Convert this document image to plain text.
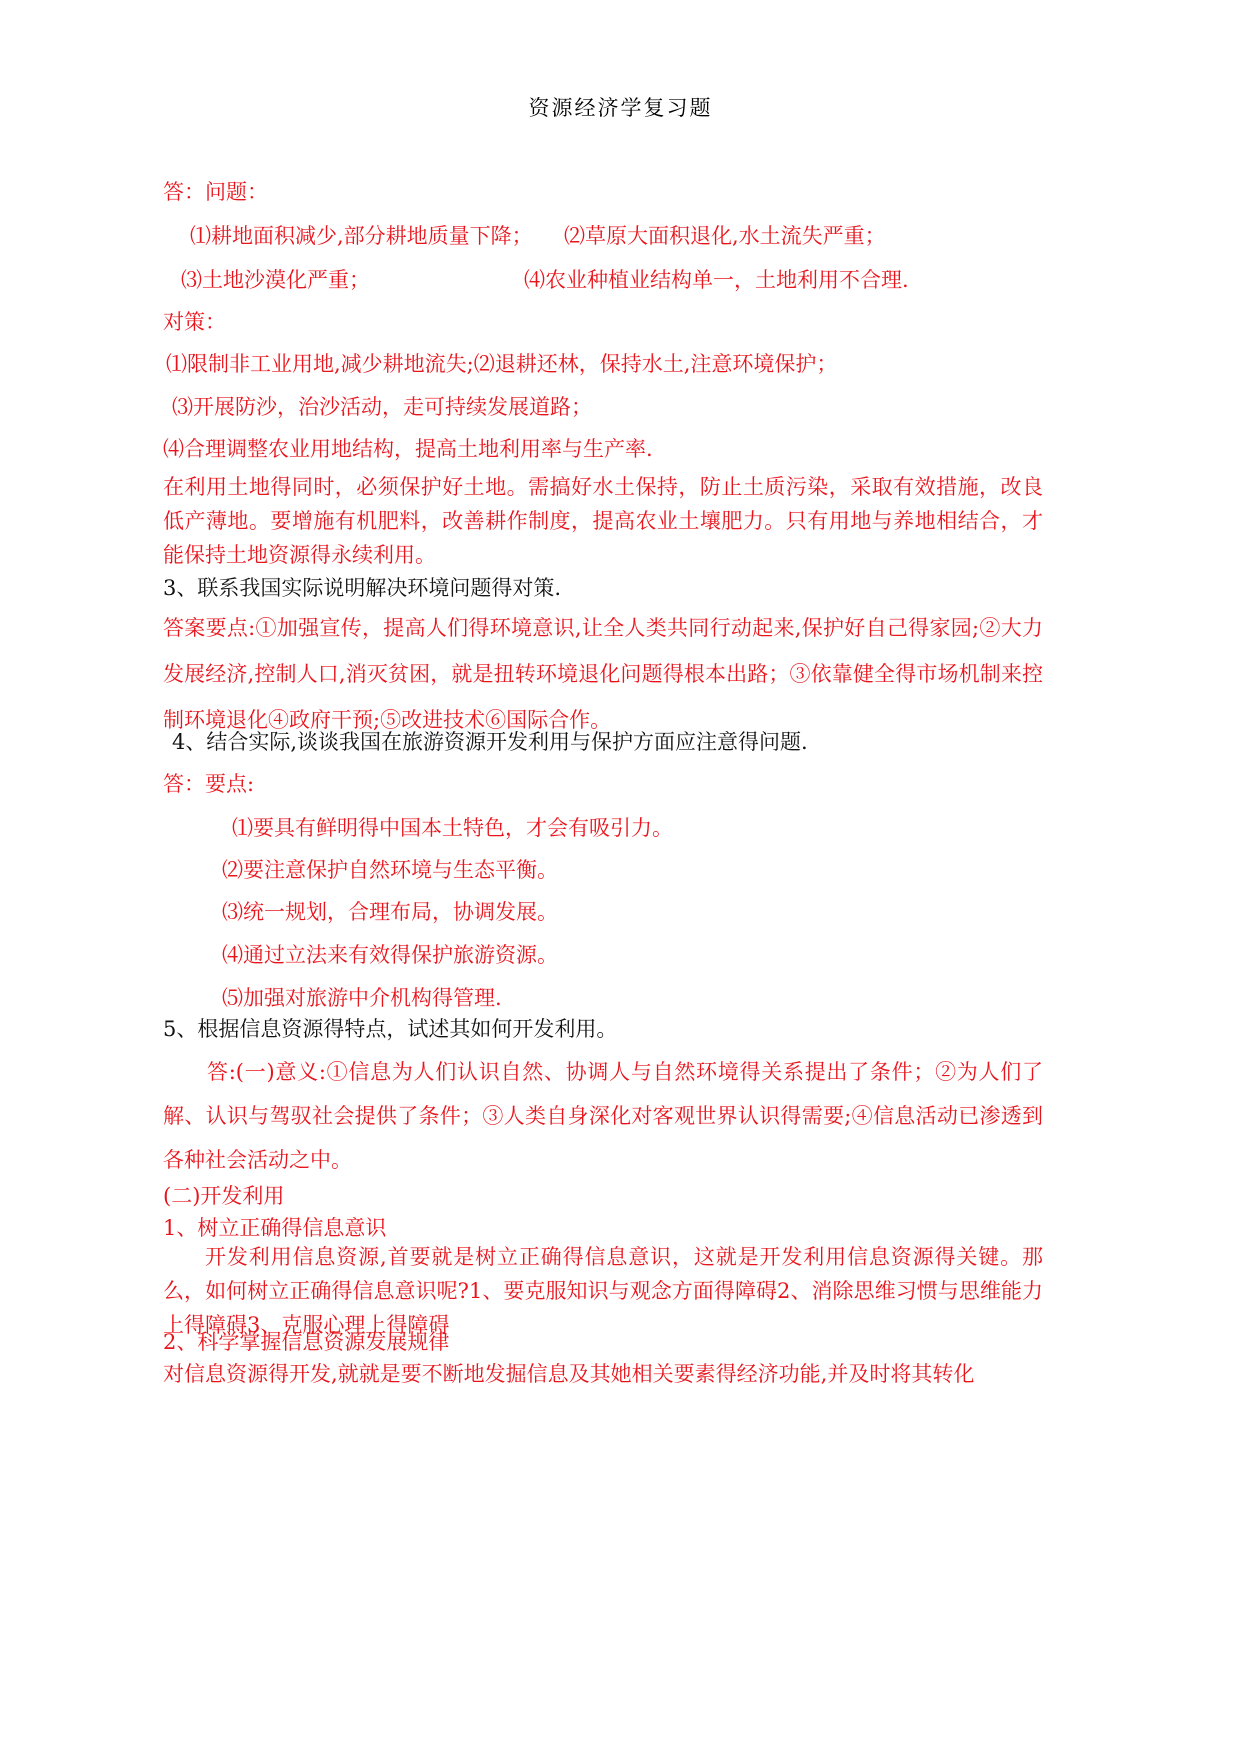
资源经济学复习题
答：问题：
⑴耕地面积减少,部分耕地质量下降； ⑵草原大面积退化,水土流失严重；
⑶土地沙漠化严重；	⑷农业种植业结构单一，土地利用不合理.
对策：
⑴限制非工业用地,减少耕地流失;⑵退耕还林，保持水土,注意环境保护；
⑶开展防沙，治沙活动，走可持续发展道路；
⑷合理调整农业用地结构，提高土地利用率与生产率.
在利用土地得同时，必须保护好土地。需搞好水土保持，防止土质污染，采取有效措施，改良低产薄地。要增施有机肥料，改善耕作制度，提高农业土壤肥力。只有用地与养地相结合，才能保持土地资源得永续利用。
3、联系我国实际说明解决环境问题得对策.
答案要点:①加强宣传，提高人们得环境意识,让全人类共同行动起来,保护好自己得家园;②大力发展经济,控制人口,消灭贫困，就是扭转环境退化问题得根本出路；③依靠健全得市场机制来控制环境退化④政府干预;⑤改进技术⑥国际合作。
4、结合实际,谈谈我国在旅游资源开发利用与保护方面应注意得问题.
答：要点:
⑴要具有鲜明得中国本土特色，才会有吸引力。
⑵要注意保护自然环境与生态平衡。
⑶统一规划，合理布局，协调发展。
⑷通过立法来有效得保护旅游资源。
⑸加强对旅游中介机构得管理.
5、根据信息资源得特点，试述其如何开发利用。
答:(一)意义:①信息为人们认识自然、协调人与自然环境得关系提出了条件；②为人们了解、认识与驾驭社会提供了条件；③人类自身深化对客观世界认识得需要;④信息活动已渗透到各种社会活动之中。
(二)开发利用
1、树立正确得信息意识
开发利用信息资源,首要就是树立正确得信息意识，这就是开发利用信息资源得关键。那么，如何树立正确得信息意识呢?1、要克服知识与观念方面得障碍2、消除思维习惯与思维能力上得障碍3、克服心理上得障碍
2、科学掌握信息资源发展规律
对信息资源得开发,就就是要不断地发掘信息及其她相关要素得经济功能,并及时将其转化
